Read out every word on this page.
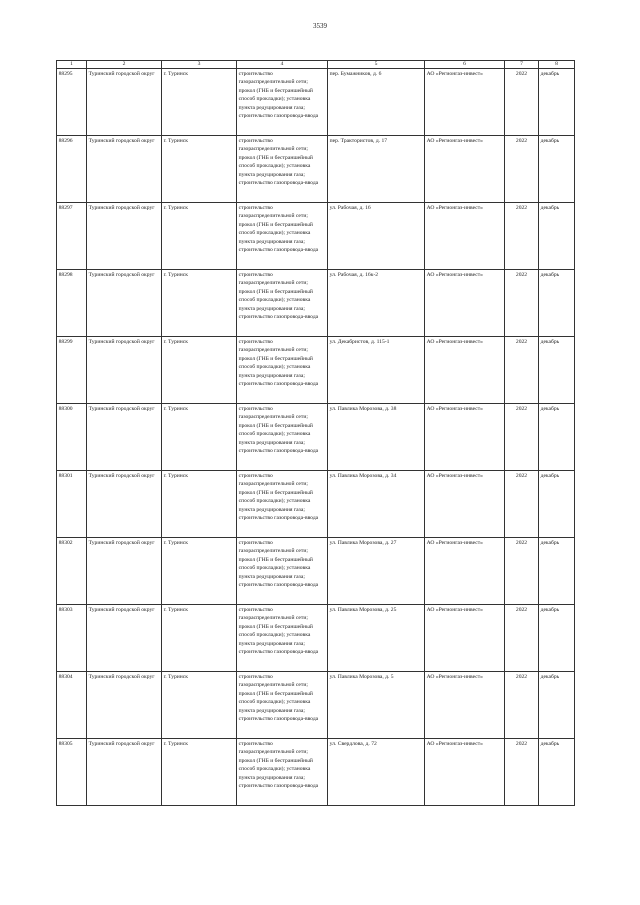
3539
1	2	3	4	5	6	7	8
88295	Туринский городской округ	г. Туринск	строительство газораспределительной сети; прокол (ГНБ и бестраншейный способ прокладки); установка пункта редуцирования газа; строительство газопровода-ввода	пер. Бумажников, д. 6	АО «Регионгаз-инвест»	2022	декабрь
88296	Туринский городской округ	г. Туринск	строительство газораспределительной сети; прокол (ГНБ и бестраншейный способ прокладки); установка пункта редуцирования газа; строительство газопровода-ввода	пер. Трактористов, д. 17	АО «Регионгаз-инвест»	2022	декабрь
88297	Туринский городской округ	г. Туринск	строительство газораспределительной сети; прокол (ГНБ и бестраншейный способ прокладки); установка пункта редуцирования газа; строительство газопровода-ввода	ул. Рабочая, д. 16	АО «Регионгаз-инвест»	2022	декабрь
88298	Туринский городской округ	г. Туринск	строительство газораспределительной сети; прокол (ГНБ и бестраншейный способ прокладки); установка пункта редуцирования газа; строительство газопровода-ввода	ул. Рабочая, д. 16к-2	АО «Регионгаз-инвест»	2022	декабрь
88299	Туринский городской округ	г. Туринск	строительство газораспределительной сети; прокол (ГНБ и бестраншейный способ прокладки); установка пункта редуцирования газа; строительство газопровода-ввода	ул. Декабристов, д. 115-1	АО «Регионгаз-инвест»	2022	декабрь
88300	Туринский городской округ	г. Туринск	строительство газораспределительной сети; прокол (ГНБ и бестраншейный способ прокладки); установка пункта редуцирования газа; строительство газопровода-ввода	ул. Павлика Морозова, д. 38	АО «Регионгаз-инвест»	2022	декабрь
88301	Туринский городской округ	г. Туринск	строительство газораспределительной сети; прокол (ГНБ и бестраншейный способ прокладки); установка пункта редуцирования газа; строительство газопровода-ввода	ул. Павлика Морозова, д. 34	АО «Регионгаз-инвест»	2022	декабрь
88302	Туринский городской округ	г. Туринск	строительство газораспределительной сети; прокол (ГНБ и бестраншейный способ прокладки); установка пункта редуцирования газа; строительство газопровода-ввода	ул. Павлика Морозова, д. 27	АО «Регионгаз-инвест»	2022	декабрь
88303	Туринский городской округ	г. Туринск	строительство газораспределительной сети; прокол (ГНБ и бестраншейный способ прокладки); установка пункта редуцирования газа; строительство газопровода-ввода	ул. Павлика Морозова, д. 25	АО «Регионгаз-инвест»	2022	декабрь
88304	Туринский городской округ	г. Туринск	строительство газораспределительной сети; прокол (ГНБ и бестраншейный способ прокладки); установка пункта редуцирования газа; строительство газопровода-ввода	ул. Павлика Морозова, д. 5	АО «Регионгаз-инвест»	2022	декабрь
88305	Туринский городской округ	г. Туринск	строительство газораспределительной сети; прокол (ГНБ и бестраншейный способ прокладки); установка пункта редуцирования газа; строительство газопровода-ввода	ул. Свердлова, д. 72	АО «Регионгаз-инвест»	2022	декабрь
